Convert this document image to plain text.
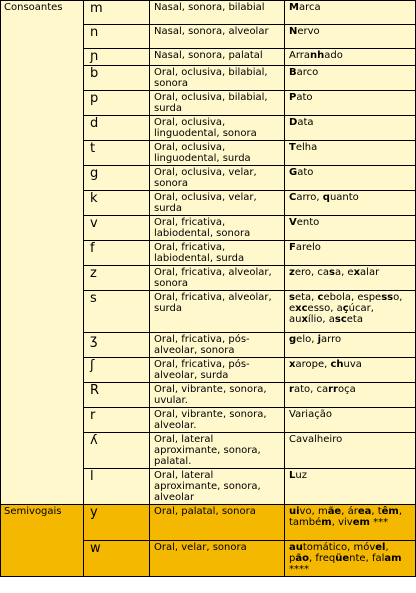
Consoantes	m	Nasal, sonora, bilabial	Marca
	n	Nasal, sonora, alveolar	Nervo
	ɲ	Nasal, sonora, palatal	Arranhado
	b	Oral, oclusiva, bilabial, sonora	Barco
	p	Oral, oclusiva, bilabial, surda	Pato
	d	Oral, oclusiva, linguodental, sonora	Data
	t	Oral, oclusiva, linguodental, surda	Telha
	g	Oral, oclusiva, velar, sonora	Gato
	k	Oral, oclusiva, velar, surda	Carro, quanto
	v	Oral, fricativa, labiodental, sonora	Vento
	f	Oral, fricativa, labiodental, surda	Farelo
	z	Oral, fricativa, alveolar, sonora	zero, casa, exalar
	s	Oral, fricativa, alveolar, surda	seta, cebola, espesso, excesso, açúcar, auxílio, asceta
	ʒ	Oral, fricativa, pós-alveolar, sonora	gelo, jarro
	ʃ	Oral, fricativa, pós-alveolar, surda	xarope, chuva
	R	Oral, vibrante, sonora, uvular.	rato, carroça
	r	Oral, vibrante, sonora, alveolar.	Variação
	ʎ	Oral, lateral aproximante, sonora, palatal.	Cavalheiro
	l	Oral, lateral aproximante, sonora, alveolar	Luz
Semivogais	y	Oral, palatal, sonora	uivo, mãe, área, têm, também, vivem ***
	w	Oral, velar, sonora	automático, móvel, pão, freqüente, falam ****
